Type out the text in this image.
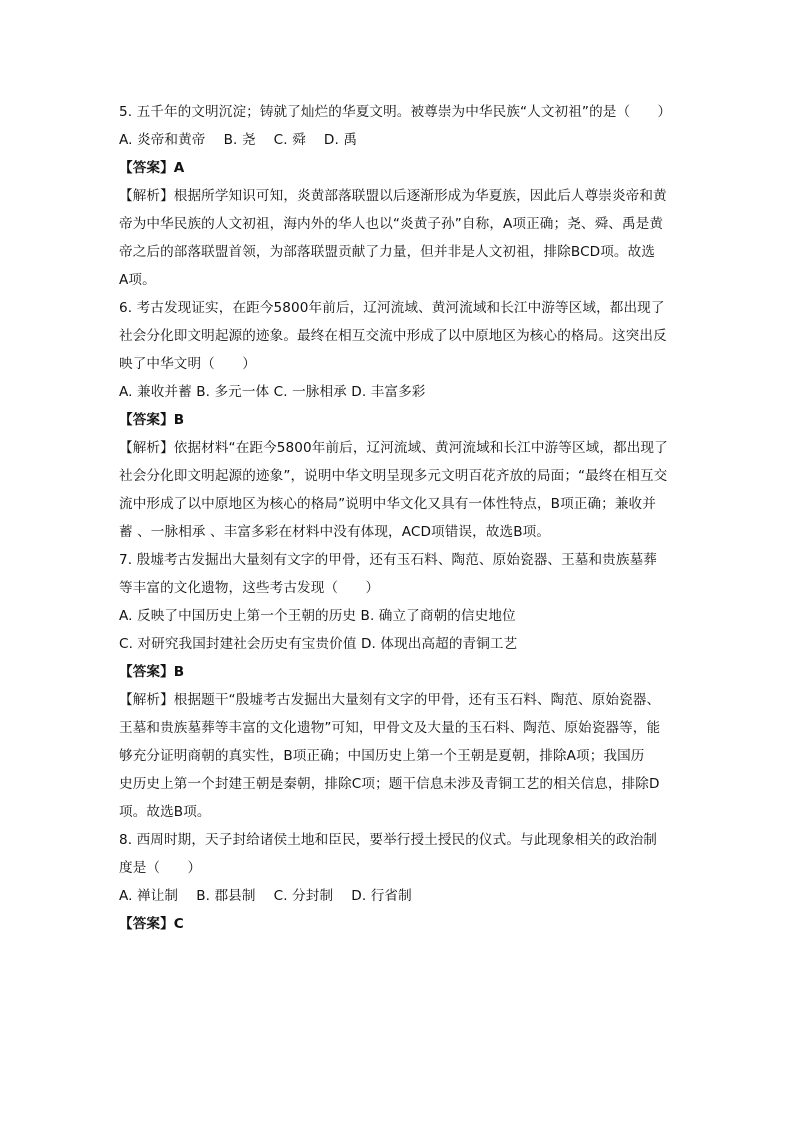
5. 五千年的文明沉淀；铸就了灿烂的华夏文明。被尊崇为中华民族“人文初祖”的是（　　）
A. 炎帝和黄帝　 B. 尧　 C. 舜　 D. 禹
【答案】A
【解析】根据所学知识可知，炎黄部落联盟以后逐渐形成为华夏族，因此后人尊崇炎帝和黄
帝为中华民族的人文初祖，海内外的华人也以“炎黄子孙”自称，A项正确；尧、舜、禹是黄
帝之后的部落联盟首领，为部落联盟贡献了力量，但并非是人文初祖，排除BCD项。故选
A项。
6. 考古发现证实，在距今5800年前后，辽河流域、黄河流域和长江中游等区域，都出现了
社会分化即文明起源的迹象。最终在相互交流中形成了以中原地区为核心的格局。这突出反
映了中华文明（　　）
A. 兼收并蓄 B. 多元一体 C. 一脉相承 D. 丰富多彩
【答案】B
【解析】依据材料“在距今5800年前后，辽河流域、黄河流域和长江中游等区域，都出现了
社会分化即文明起源的迹象”，说明中华文明呈现多元文明百花齐放的局面；“最终在相互交
流中形成了以中原地区为核心的格局”说明中华文化又具有一体性特点，B项正确；兼收并
蓄 、一脉相承 、丰富多彩在材料中没有体现，ACD项错误，故选B项。
7. 殷墟考古发掘出大量刻有文字的甲骨，还有玉石料、陶范、原始瓷器、王墓和贵族墓葬
等丰富的文化遗物，这些考古发现（　　）
A. 反映了中国历史上第一个王朝的历史 B. 确立了商朝的信史地位
C. 对研究我国封建社会历史有宝贵价值 D. 体现出高超的青铜工艺
【答案】B
【解析】根据题干“殷墟考古发掘出大量刻有文字的甲骨，还有玉石料、陶范、原始瓷器、
王墓和贵族墓葬等丰富的文化遗物”可知，甲骨文及大量的玉石料、陶范、原始瓷器等，能
够充分证明商朝的真实性，B项正确；中国历史上第一个王朝是夏朝，排除A项；我国历
史历史上第一个封建王朝是秦朝，排除C项；题干信息未涉及青铜工艺的相关信息，排除D
项。故选B项。
8. 西周时期，天子封给诸侯土地和臣民，要举行授土授民的仪式。与此现象相关的政治制
度是（　　）
A. 禅让制　 B. 郡县制　 C. 分封制　 D. 行省制
【答案】C
